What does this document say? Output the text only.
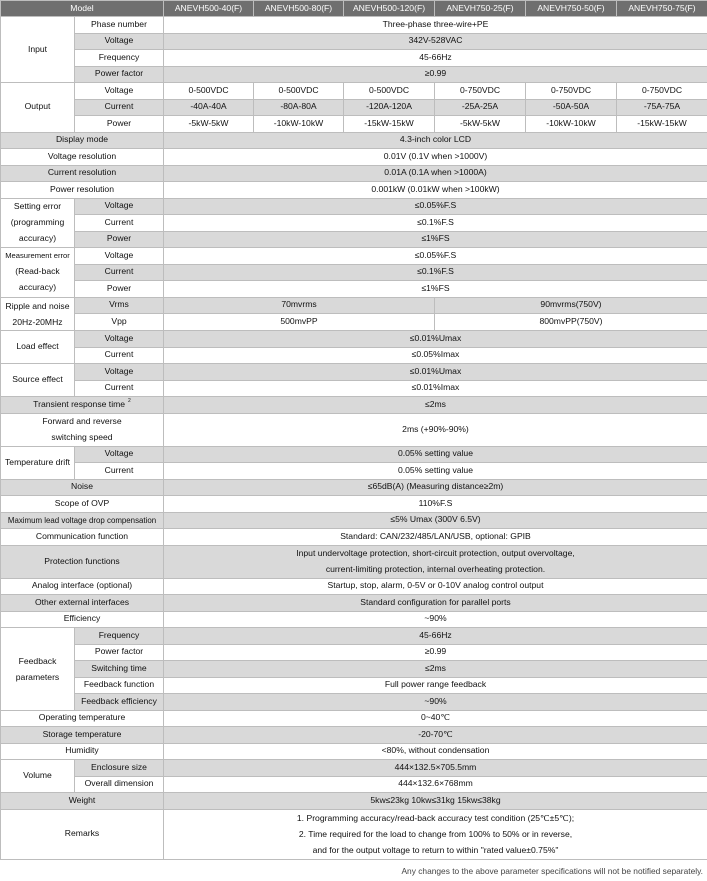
Model		ANEVH500-40(F)	ANEVH500-80(F)	ANEVH500-120(F)	ANEVH750-25(F)	ANEVH750-50(F)	ANEVH750-75(F)
Input	Phase number	Three-phase three-wire+PE					
	Voltage	342V-528VAC					
	Frequency	45-66Hz					
	Power factor	≥0.99					
Output	Voltage	0-500VDC	0-500VDC	0-500VDC	0-750VDC	0-750VDC	0-750VDC
	Current	-40A-40A	-80A-80A	-120A-120A	-25A-25A	-50A-50A	-75A-75A
	Power	-5kW-5kW	-10kW-10kW	-15kW-15kW	-5kW-5kW	-10kW-10kW	-15kW-15kW
Display mode		4.3-inch color LCD					
Voltage resolution		0.01V (0.1V when >1000V)					
Current resolution		0.01A (0.1A when >1000A)					
Power resolution		0.001kW (0.01kW when >100kW)					
Setting error
(programming
accuracy)	Voltage	≤0.05%F.S					
	Current	≤0.1%F.S					
	Power	≤1%FS					
Measurement error
(Read-back
accuracy)	Voltage	≤0.05%F.S					
	Current	≤0.1%F.S					
	Power	≤1%FS					
Ripple and noise
20Hz-20MHz	Vrms	70mvrms			90mvrms(750V)		
	Vpp	500mvPP			800mvPP(750V)		
Load effect	Voltage	≤0.01%Umax					
	Current	≤0.05%Imax					
Source effect	Voltage	≤0.01%Umax					
	Current	≤0.01%Imax					
Transient response time $^2$		≤2ms					
Forward and reverse
switching speed		2ms (+90%-90%)					
Temperature drift	Voltage	0.05% setting value					
	Current	0.05% setting value					
Noise		≤65dB(A) (Measuring distance≥2m)					
Scope of OVP		110%F.S					
Maximum lead voltage drop compensation		≤5% Umax (300V 6.5V)					
Communication function		Standard: CAN/232/485/LAN/USB, optional: GPIB					
Protection functions		Input undervoltage protection, short-circuit protection, output overvoltage,
current-limiting protection, internal overheating protection.					
Analog interface (optional)		Startup, stop, alarm, 0-5V or 0-10V analog control output					
Other external interfaces		Standard configuration for parallel ports					
Efficiency		~90%					
Feedback
parameters	Frequency	45-66Hz					
	Power factor	≥0.99					
	Switching time	≤2ms					
	Feedback function	Full power range feedback					
	Feedback efficiency	~90%					
Operating temperature		0~40℃					
Storage temperature		-20-70℃					
Humidity		<80%, without condensation					
Volume	Enclosure size	444×132.5×705.5mm					
	Overall dimension	444×132.6×768mm					
Weight		5kw≤23kg 10kw≤31kg 15kw≤38kg					
Remarks		1. Programming accuracy/read-back accuracy test condition (25℃±5℃);
2. Time required for the load to change from 100% to 50% or in reverse,
and for the output voltage to return to within "rated value±0.75%"					
Any changes to the above parameter specifications will not be notified separately.
